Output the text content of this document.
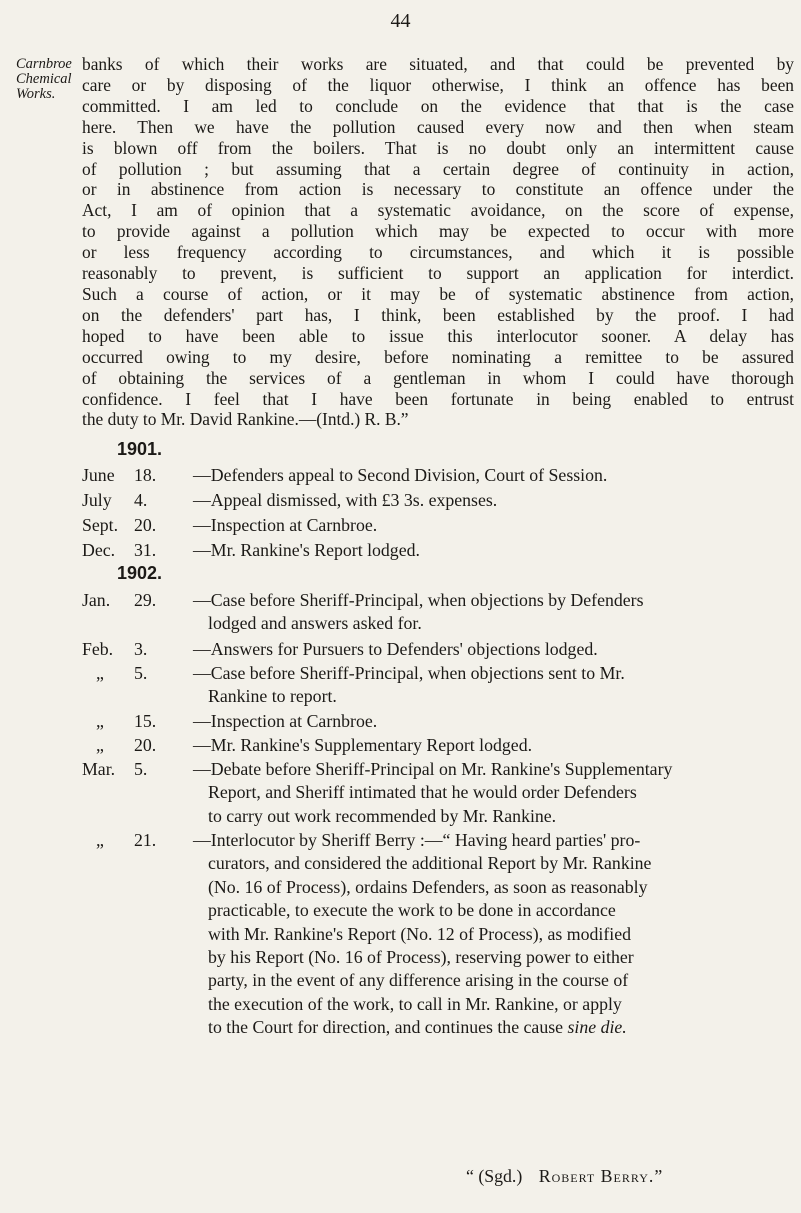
44
Carnbroe
Chemical
Works.
banks of which their works are situated, and that could be prevented by
care or by disposing of the liquor otherwise, I think an offence has been
committed. I am led to conclude on the evidence that that is the case
here. Then we have the pollution caused every now and then when steam
is blown off from the boilers. That is no doubt only an intermittent cause
of pollution ; but assuming that a certain degree of continuity in action,
or in abstinence from action is necessary to constitute an offence under the
Act, I am of opinion that a systematic avoidance, on the score of expense,
to provide against a pollution which may be expected to occur with more
or less frequency according to circumstances, and which it is possible
reasonably to prevent, is sufficient to support an application for interdict.
Such a course of action, or it may be of systematic abstinence from action,
on the defenders' part has, I think, been established by the proof. I had
hoped to have been able to issue this interlocutor sooner. A delay has
occurred owing to my desire, before nominating a remittee to be assured
of obtaining the services of a gentleman in whom I could have thorough
confidence. I feel that I have been fortunate in being enabled to entrust
the duty to Mr. David Rankine.—(Intd.) R. B.”
1901.
June 18. —Defenders appeal to Second Division, Court of Session.
July 4.	—Appeal dismissed, with £3 3s. expenses.
Sept. 20. —Inspection at Carnbroe.
Dec. 31. —Mr. Rankine's Report lodged.
1902.
Jan. 29. —Case before Sheriff-Principal, when objections by Defenders
lodged and answers asked for.
Feb. 3.	—Answers for Pursuers to Defenders' objections lodged.
„ 5.	—Case before Sheriff-Principal, when objections sent to Mr.
Rankine to report.
„ 15. —Inspection at Carnbroe.
„ 20. —Mr. Rankine's Supplementary Report lodged.
Mar. 5.	—Debate before Sheriff-Principal on Mr. Rankine's Supplementary
Report, and Sheriff intimated that he would order Defenders
to carry out work recommended by Mr. Rankine.
„ 21. —Interlocutor by Sheriff Berry :—“ Having heard parties' pro-
curators, and considered the additional Report by Mr. Rankine
(No. 16 of Process), ordains Defenders, as soon as reasonably
practicable, to execute the work to be done in accordance
with Mr. Rankine's Report (No. 12 of Process), as modified
by his Report (No. 16 of Process), reserving power to either
party, in the event of any difference arising in the course of
the execution of the work, to call in Mr. Rankine, or apply
to the Court for direction, and continues the cause sine die.
“ (Sgd.) Robert Berry.”
